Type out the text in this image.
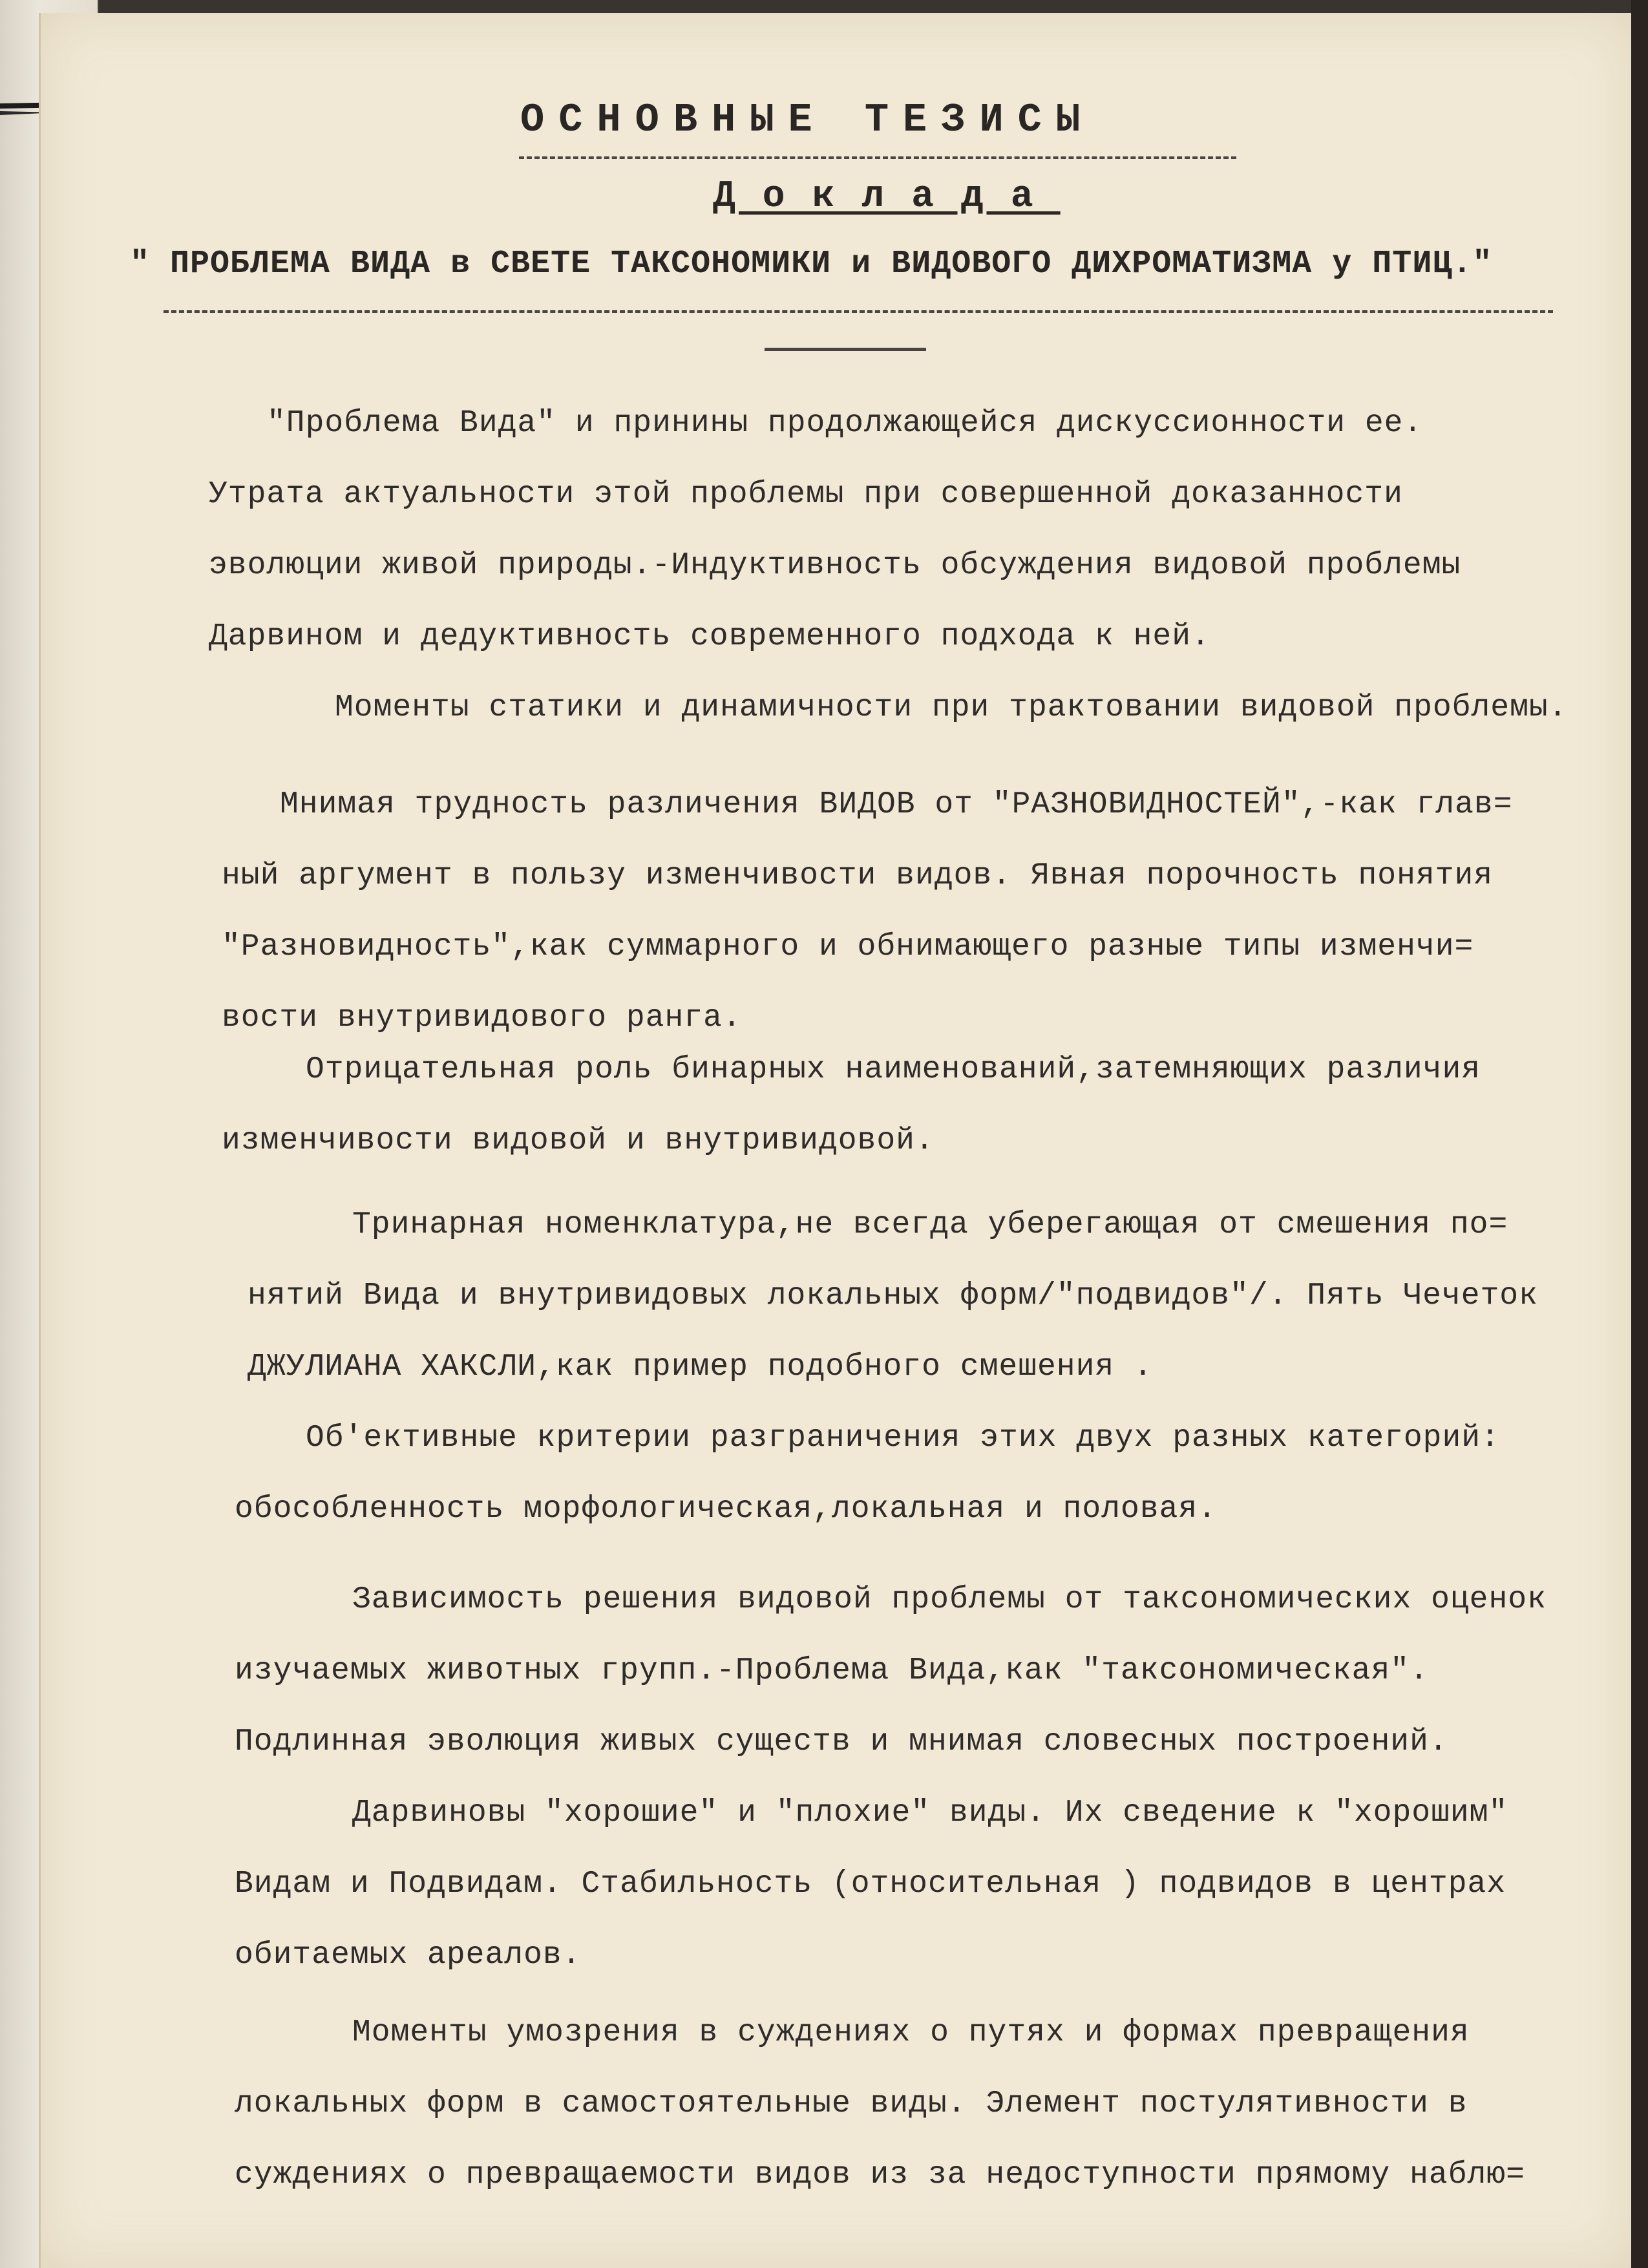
ОСНОВНЫЕ ТЕЗИСЫ
Доклада
" ПРОБЛЕМА ВИДА в СВЕТЕ ТАКСОНОМИКИ и ВИДОВОГО ДИХРОМАТИЗМА у ПТИЦ."
"Проблема Вида" и принины продолжающейся дискуссионности ее.
Утрата актуальности этой проблемы при совершенной доказанности
эволюции живой природы.-Индуктивность обсуждения видовой проблемы
Дарвином и дедуктивность современного подхода к ней.
Моменты статики и динамичности при трактовании видовой проблемы.
Мнимая трудность различения ВИДОВ от "РАЗНОВИДНОСТЕЙ",-как глав=
ный аргумент в пользу изменчивости видов. Явная порочность понятия
"Разновидность",как суммарного и обнимающего разные типы изменчи=
вости внутривидового ранга.
Отрицательная роль бинарных наименований,затемняющих различия
изменчивости видовой и внутривидовой.
Тринарная номенклатура,не всегда уберегающая от смешения по=
нятий Вида и внутривидовых локальных форм/"подвидов"/. Пять Чечеток
ДЖУЛИАНА ХАКСЛИ,как пример подобного смешения .
Об'ективные критерии разграничения этих двух разных категорий:
обособленность морфологическая,локальная и половая.
Зависимость решения видовой проблемы от таксономических оценок
изучаемых животных групп.-Проблема Вида,как "таксономическая".
Подлинная эволюция живых существ и мнимая словесных построений.
Дарвиновы "хорошие" и "плохие" виды. Их сведение к "хорошим"
Видам и Подвидам. Стабильность (относительная ) подвидов в центрах
обитаемых ареалов.
Моменты умозрения в суждениях о путях и формах превращения
локальных форм в самостоятельные виды. Элемент постулятивности в
суждениях о превращаемости видов из за недоступности прямому наблю=
